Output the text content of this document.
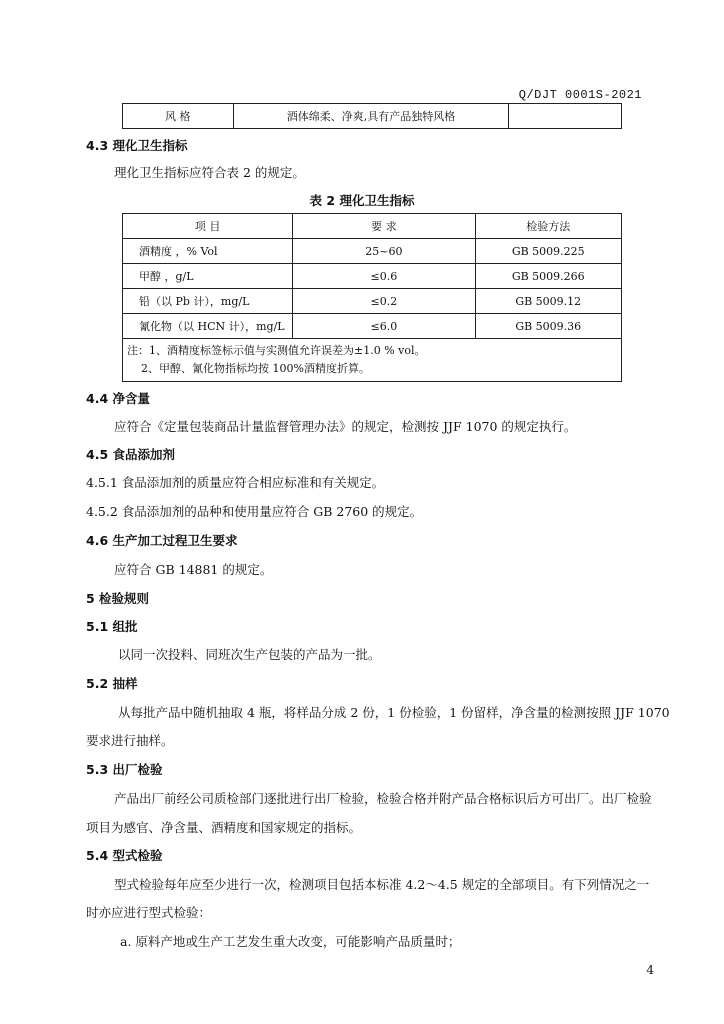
Q/DJT 0001S-2021
风 格	酒体绵柔、净爽,具有产品独特风格	
4.3 理化卫生指标
理化卫生指标应符合表 2 的规定。
表 2 理化卫生指标
项 目	要 求	检验方法
酒精度 ，% Vol	25~60	GB 5009.225
甲醇 ，g/L	≤0.6	GB 5009.266
铅（以 Pb 计），mg/L	≤0.2	GB 5009.12
氰化物（以 HCN 计），mg/L	≤6.0	GB 5009.36

注：1、酒精度标签标示值与实测值允许误差为±1.0 % vol。
2、甲醇、氰化物指标均按 100%酒精度折算。		
4.4 净含量
应符合《定量包装商品计量监督管理办法》的规定，检测按 JJF 1070 的规定执行。
4.5 食品添加剂
4.5.1 食品添加剂的质量应符合相应标准和有关规定。
4.5.2 食品添加剂的品种和使用量应符合 GB 2760 的规定。
4.6 生产加工过程卫生要求
应符合 GB 14881 的规定。
5 检验规则
5.1 组批
以同一次投料、同班次生产包装的产品为一批。
5.2 抽样
从每批产品中随机抽取 4 瓶，将样品分成 2 份，1 份检验，1 份留样，净含量的检测按照 JJF 1070
要求进行抽样。
5.3 出厂检验
产品出厂前经公司质检部门逐批进行出厂检验，检验合格并附产品合格标识后方可出厂。出厂检验
项目为感官、净含量、酒精度和国家规定的指标。
5.4 型式检验
型式检验每年应至少进行一次，检测项目包括本标准 4.2～4.5 规定的全部项目。有下列情况之一
时亦应进行型式检验：
a. 原料产地或生产工艺发生重大改变，可能影响产品质量时；
4
